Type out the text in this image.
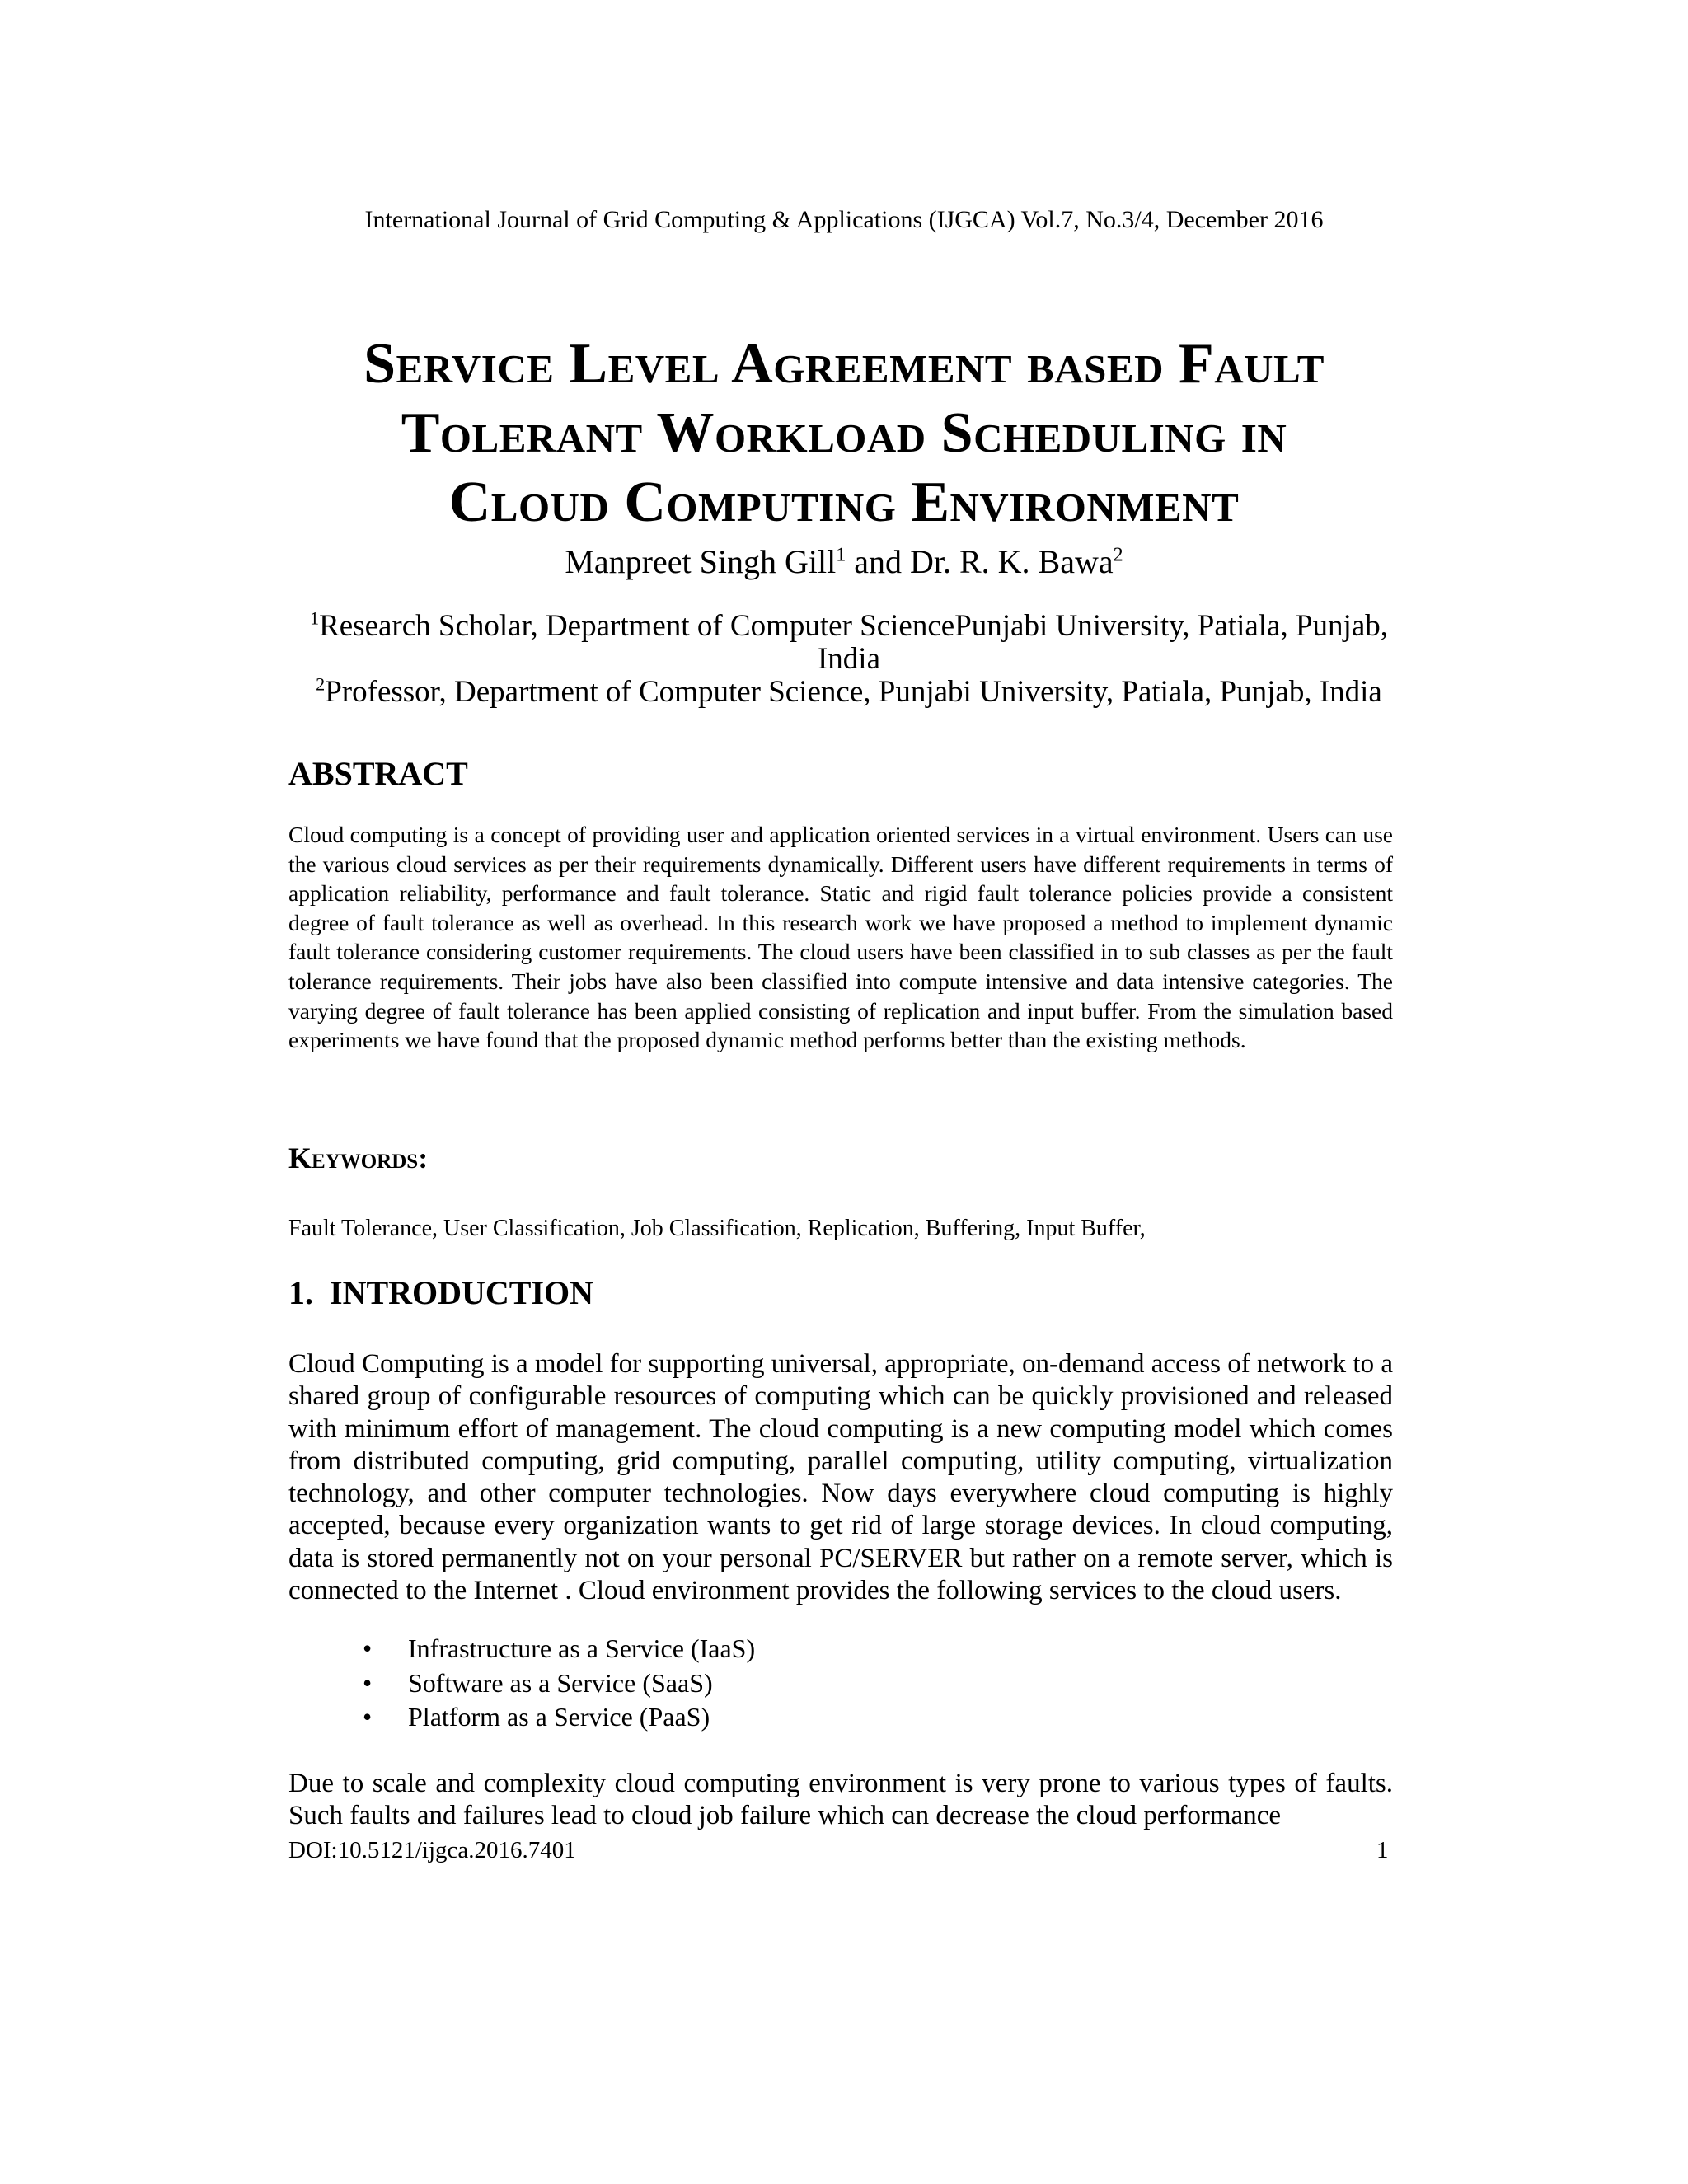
International Journal of Grid Computing & Applications (IJGCA) Vol.7, No.3/4, December 2016
Service Level Agreement based Fault
Tolerant Workload Scheduling in
Cloud Computing Environment
Manpreet Singh Gill$^1$ and Dr. R. K. Bawa$^2$

$^1$Research Scholar, Department of Computer SciencePunjabi University, Patiala, Punjab, India

$^2$Professor, Department of Computer Science, Punjabi University, Patiala, Punjab, India

ABSTRACT
Cloud computing is a concept of providing user and application oriented services in a virtual environment. Users can use the various cloud services as per their requirements dynamically. Different users have different requirements in terms of application reliability, performance and fault tolerance. Static and rigid fault tolerance policies provide a consistent degree of fault tolerance as well as overhead. In this research work we have proposed a method to implement dynamic fault tolerance considering customer requirements. The cloud users have been classified in to sub classes as per the fault tolerance requirements. Their jobs have also been classified into compute intensive and data intensive categories. The varying degree of fault tolerance has been applied consisting of replication and input buffer. From the simulation based experiments we have found that the proposed dynamic method performs better than the existing methods.
Keywords:
Fault Tolerance, User Classification, Job Classification, Replication, Buffering, Input Buffer,
1.  INTRODUCTION
Cloud Computing is a model for supporting universal, appropriate, on-demand access of network to a shared group of configurable resources of computing which can be quickly provisioned and released with minimum effort of management. The cloud computing is a new computing model which comes from distributed computing, grid computing, parallel computing, utility computing, virtualization technology, and other computer technologies. Now days everywhere cloud computing is highly accepted, because every organization wants to get rid of large storage devices. In cloud computing, data is stored permanently not on your personal PC/SERVER but rather on a remote server, which is connected to the Internet . Cloud environment provides the following services to the cloud users.
• Infrastructure as a Service (IaaS)
• Software as a Service (SaaS)
• Platform as a Service (PaaS)
Due to scale and complexity cloud computing environment is very prone to various types of faults. Such faults and failures lead to cloud job failure which can decrease the cloud performance
DOI:10.5121/ijgca.2016.7401	1
